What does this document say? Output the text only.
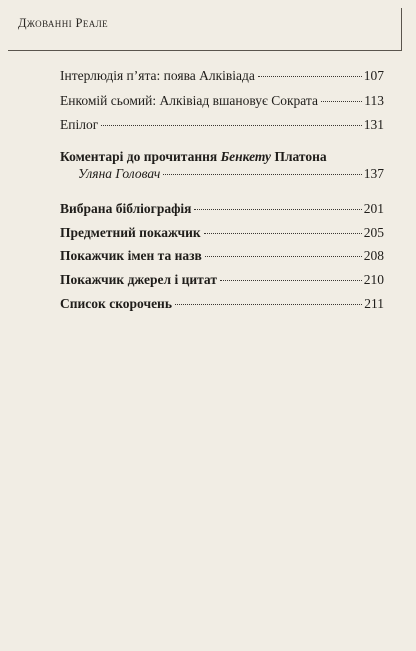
Джованні Реале
Інтерлюдія п’ята: поява Алківіада	107
Енкомій сьомий: Алківіад вшановує Сократа	113
Епілог	131
Коментарі до прочитання Бенкету Платона
Уляна Головач	137
Вибрана бібліографія	201
Предметний покажчик	205
Покажчик імен та назв	208
Покажчик джерел і цитат	210
Список скорочень	211
